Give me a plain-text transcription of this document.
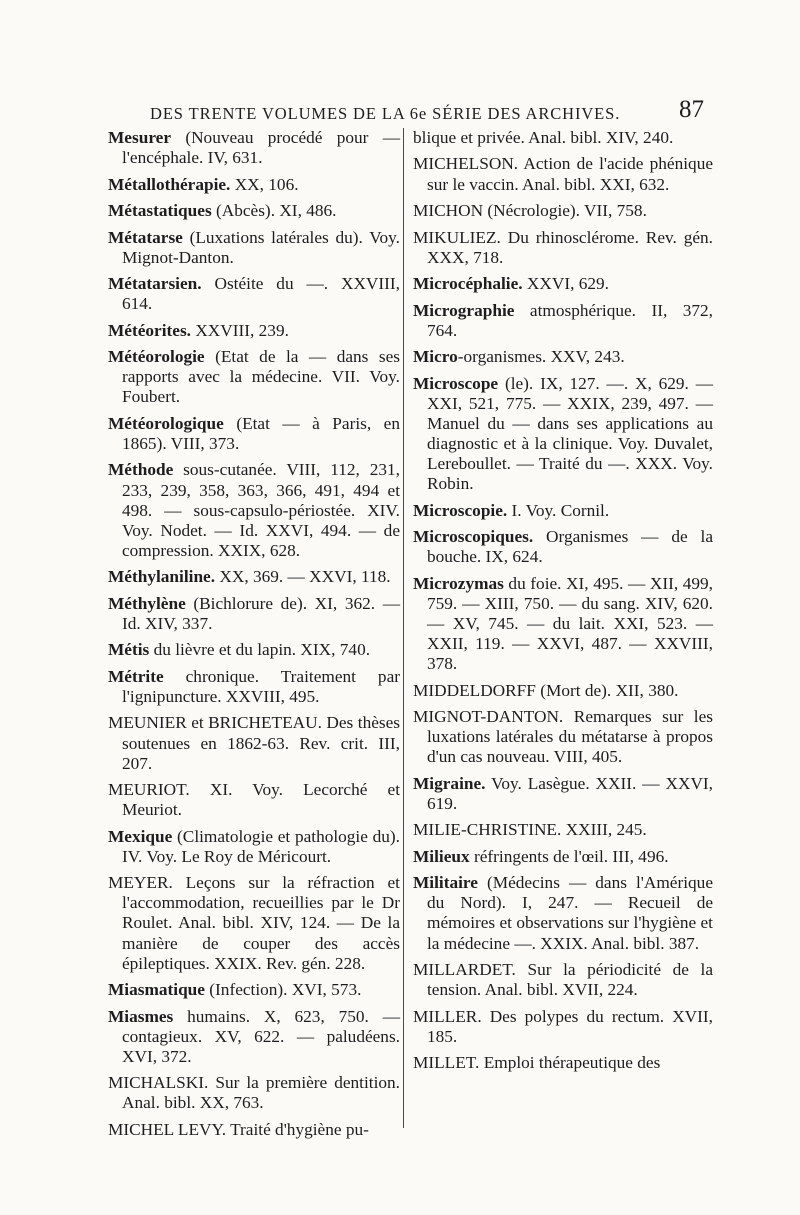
DES TRENTE VOLUMES DE LA 6e SÉRIE DES ARCHIVES. 87

Mesurer (Nouveau procédé pour — l'encéphale. IV, 631.

Métallothérapie. XX, 106.

Métastatiques (Abcès). XI, 486.

Métatarse (Luxations latérales du). Voy. Mignot-Danton.

Métatarsien. Ostéite du —. XXVIII, 614.

Météorites. XXVIII, 239.

Météorologie (Etat de la — dans ses rapports avec la médecine. VII. Voy. Foubert.

Météorologique (Etat — à Paris, en 1865). VIII, 373.

Méthode sous-cutanée. VIII, 112, 231, 233, 239, 358, 363, 366, 491, 494 et 498. — sous-capsulo-périostée. XIV. Voy. Nodet. — Id. XXVI, 494. — de compression. XXIX, 628.

Méthylaniline. XX, 369. — XXVI, 118.

Méthylène (Bichlorure de). XI, 362. — Id. XIV, 337.

Métis du lièvre et du lapin. XIX, 740.

Métrite chronique. Traitement par l'ignipuncture. XXVIII, 495.

MEUNIER et BRICHETEAU. Des thèses soutenues en 1862-63. Rev. crit. III, 207.

MEURIOT. XI. Voy. Lecorché et Meuriot.

Mexique (Climatologie et pathologie du). IV. Voy. Le Roy de Méricourt.

MEYER. Leçons sur la réfraction et l'accommodation, recueillies par le Dr Roulet. Anal. bibl. XIV, 124. — De la manière de couper des accès épileptiques. XXIX. Rev. gén. 228.

Miasmatique (Infection). XVI, 573.

Miasmes humains. X, 623, 750. — contagieux. XV, 622. — paludéens. XVI, 372.

MICHALSKI. Sur la première dentition. Anal. bibl. XX, 763.

MICHEL LEVY. Traité d'hygiène pu-

blique et privée. Anal. bibl. XIV, 240.

MICHELSON. Action de l'acide phénique sur le vaccin. Anal. bibl. XXI, 632.

MICHON (Nécrologie). VII, 758.

MIKULIEZ. Du rhinosclérome. Rev. gén. XXX, 718.

Microcéphalie. XXVI, 629.

Micrographie atmosphérique. II, 372, 764.

Micro-organismes. XXV, 243.

Microscope (le). IX, 127. —. X, 629. — XXI, 521, 775. — XXIX, 239, 497. — Manuel du — dans ses applications au diagnostic et à la clinique. Voy. Duvalet, Lereboullet. — Traité du —. XXX. Voy. Robin.

Microscopie. I. Voy. Cornil.

Microscopiques. Organismes — de la bouche. IX, 624.

Microzymas du foie. XI, 495. — XII, 499, 759. — XIII, 750. — du sang. XIV, 620. — XV, 745. — du lait. XXI, 523. — XXII, 119. — XXVI, 487. — XXVIII, 378.

MIDDELDORFF (Mort de). XII, 380.

MIGNOT-DANTON. Remarques sur les luxations latérales du métatarse à propos d'un cas nouveau. VIII, 405.

Migraine. Voy. Lasègue. XXII. — XXVI, 619.

MILIE-CHRISTINE. XXIII, 245.

Milieux réfringents de l'œil. III, 496.

Militaire (Médecins — dans l'Amérique du Nord). I, 247. — Recueil de mémoires et observations sur l'hygiène et la médecine —. XXIX. Anal. bibl. 387.

MILLARDET. Sur la périodicité de la tension. Anal. bibl. XVII, 224.

MILLER. Des polypes du rectum. XVII, 185.

MILLET. Emploi thérapeutique des
